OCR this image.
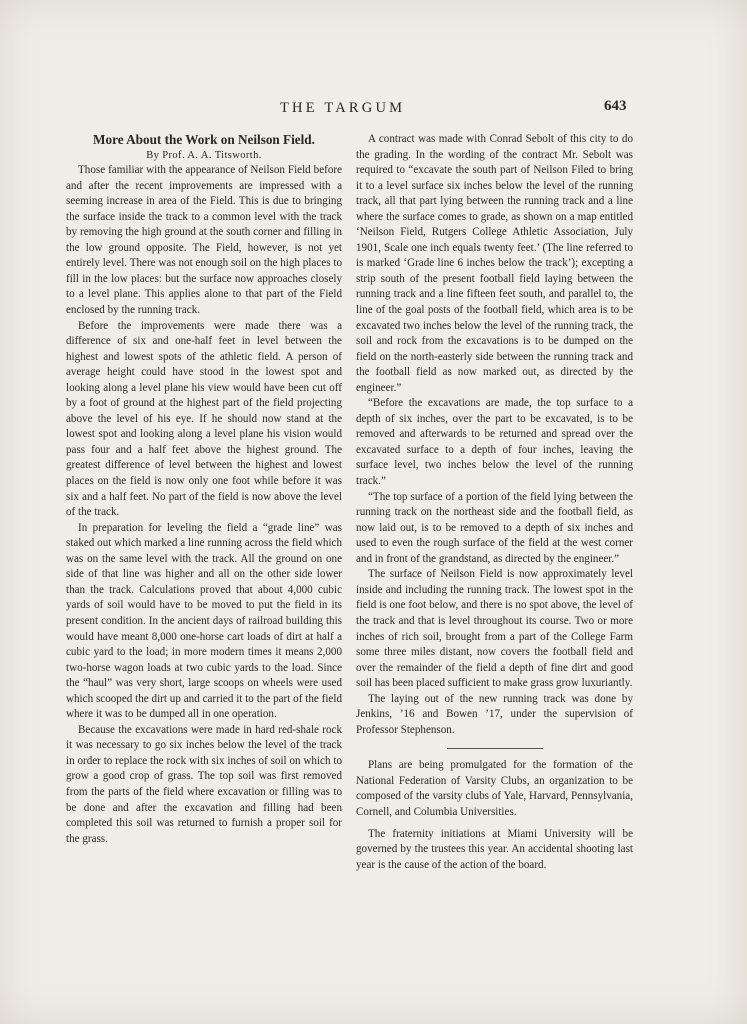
THE TARGUM	643

More About the Work on Neilson Field.

By Prof. A. A. Titsworth.

Those familiar with the appearance of Neilson Field before and after the recent improvements are impressed with a seeming increase in area of the Field. This is due to bringing the surface inside the track to a common level with the track by removing the high ground at the south corner and filling in the low ground opposite. The Field, however, is not yet entirely level. There was not enough soil on the high places to fill in the low places: but the surface now approaches closely to a level plane. This applies alone to that part of the Field enclosed by the running track.

Before the improvements were made there was a difference of six and one-half feet in level between the highest and lowest spots of the athletic field. A person of average height could have stood in the lowest spot and looking along a level plane his view would have been cut off by a foot of ground at the highest part of the field projecting above the level of his eye. If he should now stand at the lowest spot and looking along a level plane his vision would pass four and a half feet above the highest ground. The greatest difference of level between the highest and lowest places on the field is now only one foot while before it was six and a half feet. No part of the field is now above the level of the track.

In preparation for leveling the field a “grade line” was staked out which marked a line running across the field which was on the same level with the track. All the ground on one side of that line was higher and all on the other side lower than the track. Calculations proved that about 4,000 cubic yards of soil would have to be moved to put the field in its present condition. In the ancient days of railroad building this would have meant 8,000 one-horse cart loads of dirt at half a cubic yard to the load; in more modern times it means 2,000 two-horse wagon loads at two cubic yards to the load. Since the “haul” was very short, large scoops on wheels were used which scooped the dirt up and carried it to the part of the field where it was to be dumped all in one operation.

Because the excavations were made in hard red-shale rock it was necessary to go six inches below the level of the track in order to replace the rock with six inches of soil on which to grow a good crop of grass. The top soil was first removed from the parts of the field where excavation or filling was to be done and after the excavation and filling had been completed this soil was returned to furnish a proper soil for the grass.

A contract was made with Conrad Sebolt of this city to do the grading. In the wording of the contract Mr. Sebolt was required to “excavate the south part of Neilson Filed to bring it to a level surface six inches below the level of the running track, all that part lying between the running track and a line where the surface comes to grade, as shown on a map entitled ‘Neilson Field, Rutgers College Athletic Association, July 1901, Scale one inch equals twenty feet.’ (The line referred to is marked ‘Grade line 6 inches below the track’); excepting a strip south of the present football field laying between the running track and a line fifteen feet south, and parallel to, the line of the goal posts of the football field, which area is to be excavated two inches below the level of the running track, the soil and rock from the excavations is to be dumped on the field on the north-easterly side between the running track and the football field as now marked out, as directed by the engineer.”

“Before the excavations are made, the top surface to a depth of six inches, over the part to be excavated, is to be removed and afterwards to be returned and spread over the excavated surface to a depth of four inches, leaving the surface level, two inches below the level of the running track.”

“The top surface of a portion of the field lying between the running track on the northeast side and the football field, as now laid out, is to be removed to a depth of six inches and used to even the rough surface of the field at the west corner and in front of the grandstand, as directed by the engineer.”

The surface of Neilson Field is now approximately level inside and including the running track. The lowest spot in the field is one foot below, and there is no spot above, the level of the track and that is level throughout its course. Two or more inches of rich soil, brought from a part of the College Farm some three miles distant, now covers the football field and over the remainder of the field a depth of fine dirt and good soil has been placed sufficient to make grass grow luxuriantly.

The laying out of the new running track was done by Jenkins, ’16 and Bowen ’17, under the supervision of Professor Stephenson.

Plans are being promulgated for the formation of the National Federation of Varsity Clubs, an organization to be composed of the varsity clubs of Yale, Harvard, Pennsylvania, Cornell, and Columbia Universities.

The fraternity initiations at Miami University will be governed by the trustees this year. An accidental shooting last year is the cause of the action of the board.
